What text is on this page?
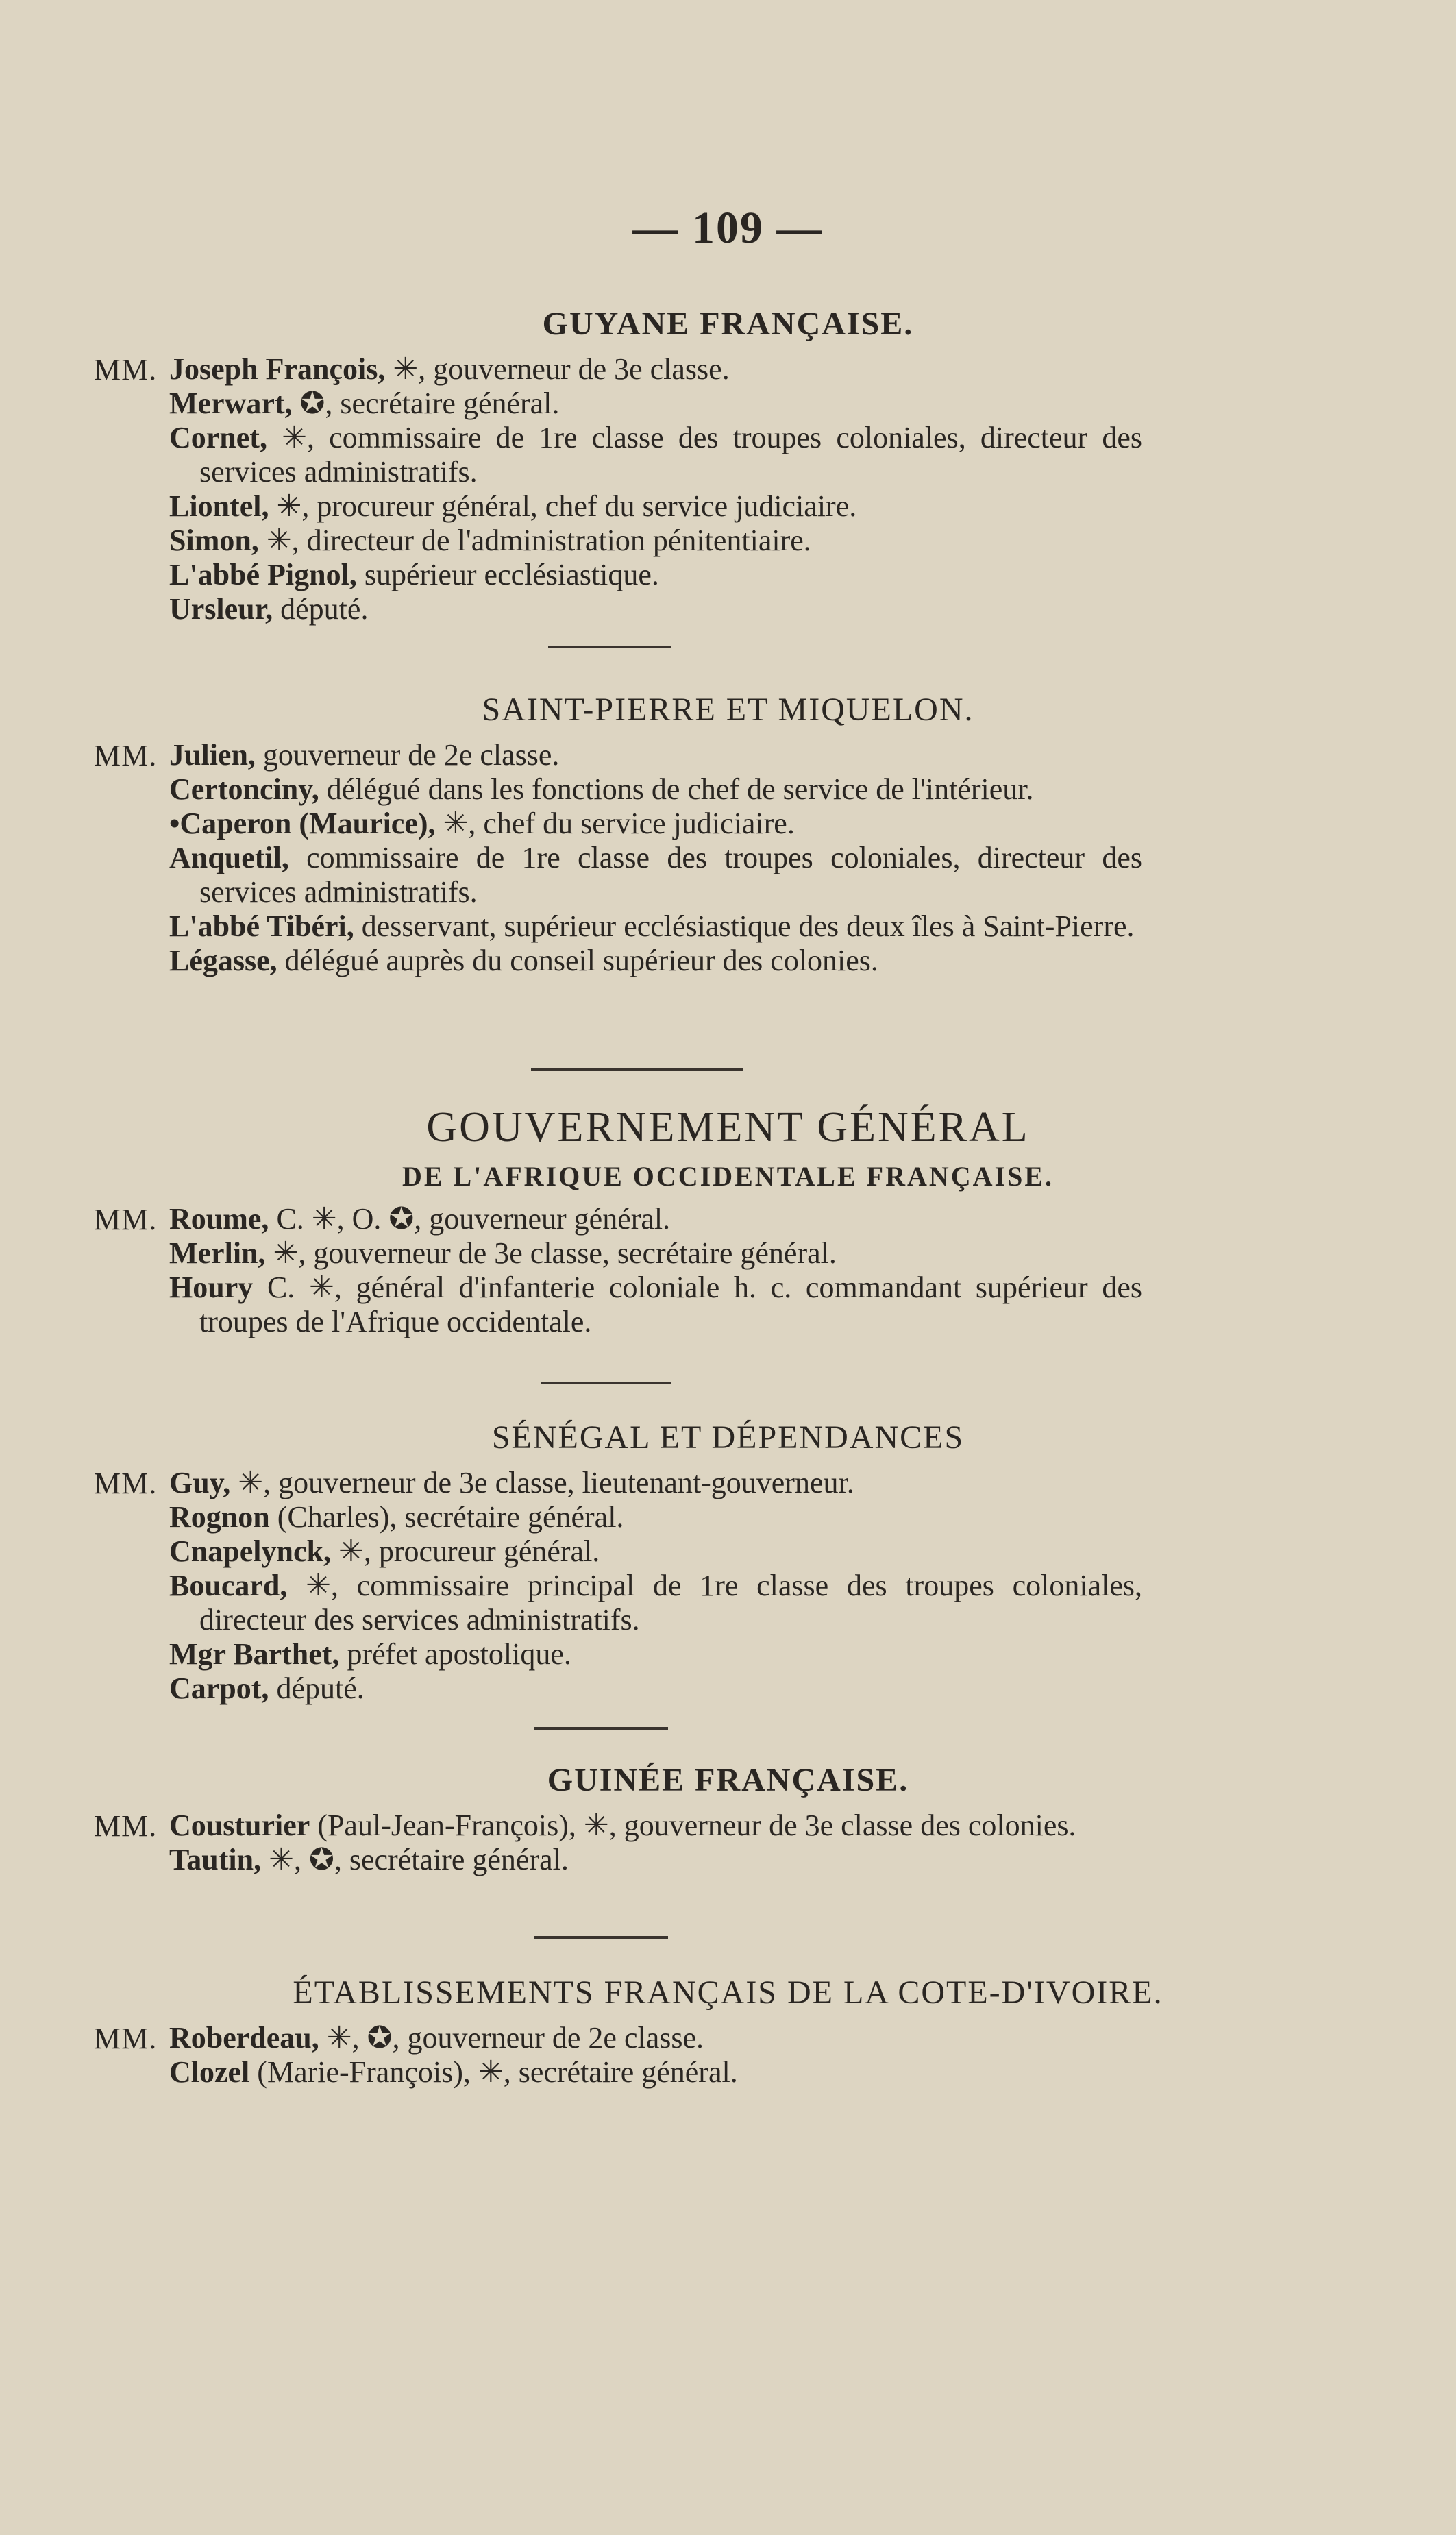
— 109 —
GUYANE FRANÇAISE.
MM. Joseph François, ✳, gouverneur de 3e classe.
Merwart, ✪, secrétaire général.
Cornet, ✳, commissaire de 1re classe des troupes coloniales, directeur des services administratifs.
Liontel, ✳, procureur général, chef du service judiciaire.
Simon, ✳, directeur de l'administration pénitentiaire.
L'abbé Pignol, supérieur ecclésiastique.
Ursleur, député.
SAINT-PIERRE ET MIQUELON.
MM. Julien, gouverneur de 2e classe.
Certonciny, délégué dans les fonctions de chef de service de l'intérieur.
•Caperon (Maurice), ✳, chef du service judiciaire.
Anquetil, commissaire de 1re classe des troupes coloniales, directeur des services administratifs.
L'abbé Tibéri, desservant, supérieur ecclésiastique des deux îles à Saint-Pierre.
Légasse, délégué auprès du conseil supérieur des colonies.
GOUVERNEMENT GÉNÉRAL
DE L'AFRIQUE OCCIDENTALE FRANÇAISE.
MM. Roume, C. ✳, O. ✪, gouverneur général.
Merlin, ✳, gouverneur de 3e classe, secrétaire général.
Houry C. ✳, général d'infanterie coloniale h. c. commandant supérieur des troupes de l'Afrique occidentale.
SÉNÉGAL ET DÉPENDANCES
MM. Guy, ✳, gouverneur de 3e classe, lieutenant-gouverneur.
Rognon (Charles), secrétaire général.
Cnapelynck, ✳, procureur général.
Boucard, ✳, commissaire principal de 1re classe des troupes coloniales, directeur des services administratifs.
Mgr Barthet, préfet apostolique.
Carpot, député.
GUINÉE FRANÇAISE.
MM. Cousturier (Paul-Jean-François), ✳, gouverneur de 3e classe des colonies.
Tautin, ✳, ✪, secrétaire général.
ÉTABLISSEMENTS FRANÇAIS DE LA COTE-D'IVOIRE.
MM. Roberdeau, ✳, ✪, gouverneur de 2e classe.
Clozel (Marie-François), ✳, secrétaire général.
